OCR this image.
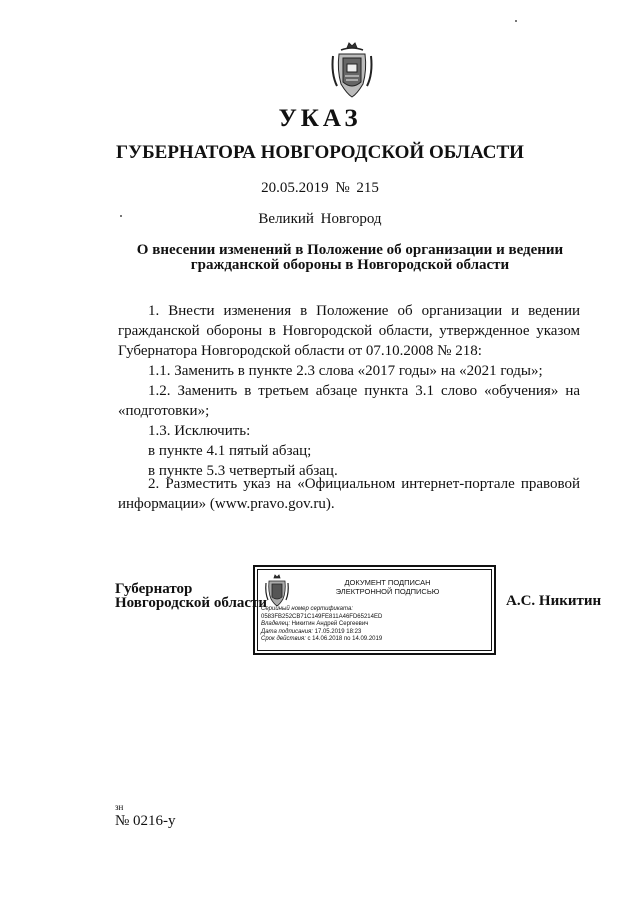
УКАЗ
ГУБЕРНАТОРА НОВГОРОДСКОЙ ОБЛАСТИ
20.05.2019 № 215
Великий Новгород
О внесении изменений в Положение об организации и ведении
гражданской обороны в Новгородской области
1. Внести изменения в Положение об организации и ведении гражданской обороны в Новгородской области, утвержденное указом Губернатора Новгородской области от 07.10.2008 № 218:
1.1. Заменить в пункте 2.3 слова «2017 годы» на «2021 годы»;
1.2. Заменить в третьем абзаце пункта 3.1 слово «обучения» на «подготовки»;
1.3. Исключить:
в пункте 4.1 пятый абзац;
в пункте 5.3 четвертый абзац.
2. Разместить указ на «Официальном интернет-портале правовой информации» (www.pravo.gov.ru).
Губернатор
Новгородской области
ДОКУМЕНТ ПОДПИСАН
ЭЛЕКТРОННОЙ ПОДПИСЬЮ
Серийный номер сертификата:
0583FB252CB71C149FE811A46FD65214ED
Владелец: Никитин Андрей Сергеевич
Дата подписания: 17.05.2019 18:23
Срок действия: с 14.06.2018 по 14.09.2019
А.С. Никитин
зн
№ 0216-у
